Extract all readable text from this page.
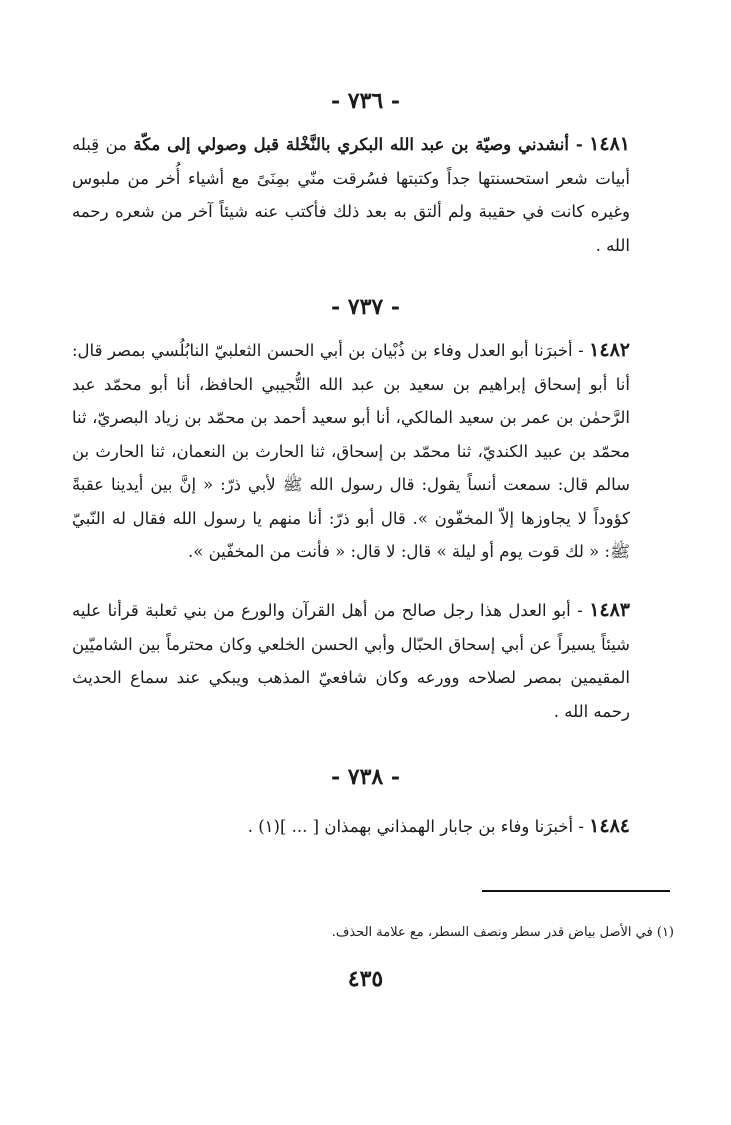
- ٧٣٦ -
١٤٨١ - أنشدني وصيّة بن عبد الله البكري بالنَّخْلة قبل وصولي إلى مكّة من قِبله أبيات شعر استحسنتها جداً وكتبتها فسُرقت منّي بمِنَىً مع أشياء أُخر من ملبوس وغيره كانت في حقيبة ولم ألتق به بعد ذلك فأكتب عنه شيئاً آخر من شعره رحمه الله .
- ٧٣٧ -
١٤٨٢ - أخبرَنا أبو العدل وفاء بن ذُبْيان بن أبي الحسن الثعلبيّ النابُلُسي بمصر قال: أنا أبو إسحاق إبراهيم بن سعيد بن عبد الله التُّجيبي الحافظ، أنا أبو محمّد عبد الرَّحمٰن بن عمر بن سعيد المالكي، أنا أبو سعيد أحمد بن محمّد بن زياد البصريّ، ثنا محمّد بن عبيد الكنديّ، ثنا محمّد بن إسحاق، ثنا الحارث بن النعمان، ثنا الحارث بن سالم قال: سمعت أنساً يقول: قال رسول الله ﷺ لأبي ذرّ: « إنَّ بين أيدينا عقبةً كؤوداً لا يجاوزها إلاّ المخفّون ». قال أبو ذرّ: أنا منهم يا رسول الله فقال له النّبيّ ﷺ: « لك قوت يوم أو ليلة » قال: لا قال: « فأنت من المخفّين ».
١٤٨٣ - أبو العدل هذا رجل صالح من أهل القرآن والورع من بني ثعلبة قرأنا عليه شيئاً يسيراً عن أبي إسحاق الحبّال وأبي الحسن الخلعي وكان محترماً بين الشاميّين المقيمين بمصر لصلاحه وورعه وكان شافعيّ المذهب ويبكي عند سماع الحديث رحمه الله .
- ٧٣٨ -
١٤٨٤ - أخبرَنا وفاء بن جابار الهمذاني بهمذان [ ... ](١) .
(١) في الأصل بياض قدر سطر ونصف السطر، مع علامة الحذف.
٤٣٥
